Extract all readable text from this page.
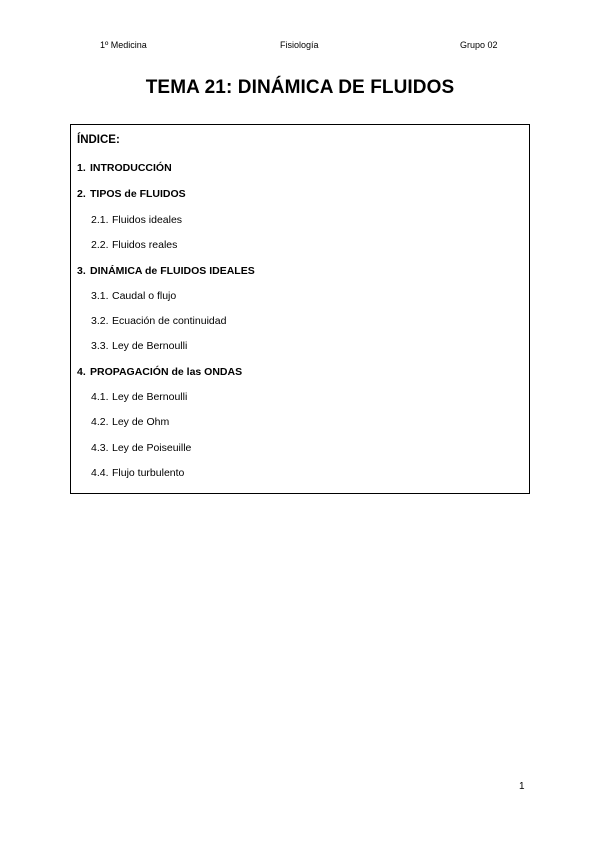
1º Medicina	Fisiología	Grupo 02
TEMA 21: DINÁMICA DE FLUIDOS
ÍNDICE:
1. INTRODUCCIÓN
2. TIPOS de FLUIDOS
2.1. Fluidos ideales
2.2. Fluidos reales
3. DINÁMICA de FLUIDOS IDEALES
3.1. Caudal o flujo
3.2. Ecuación de continuidad
3.3. Ley de Bernoulli
4. PROPAGACIÓN de las ONDAS
4.1. Ley de Bernoulli
4.2. Ley de Ohm
4.3. Ley de Poiseuille
4.4. Flujo turbulento
1
